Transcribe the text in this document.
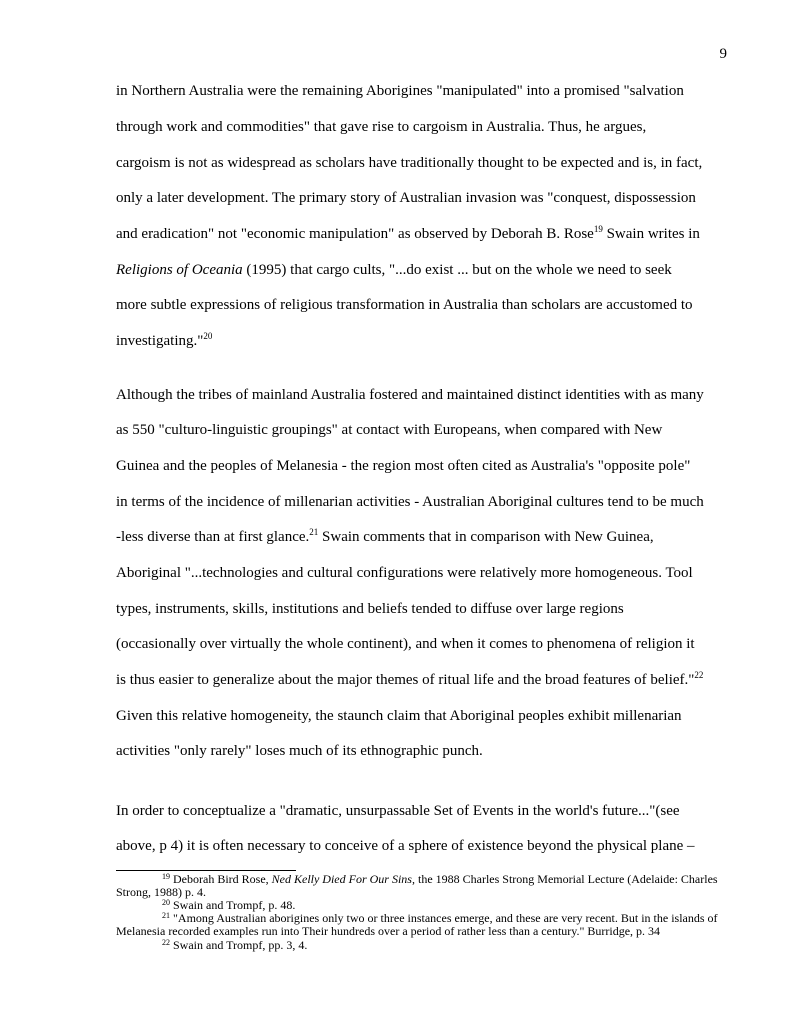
9
in Northern Australia were the remaining Aborigines "manipulated" into a promised "salvation
through work and commodities" that gave rise to cargoism in Australia. Thus, he argues,
cargoism is not as widespread as scholars have traditionally thought to be expected and is, in fact,
only a later development. The primary story of Australian invasion was "conquest, dispossession
and eradication" not "economic manipulation" as observed by Deborah B. Rose$^{19}$ Swain writes in
Religions of Oceania (1995) that cargo cults, "...do exist ... but on the whole we need to seek
more subtle expressions of religious transformation in Australia than scholars are accustomed to
investigating."$^{20}$
Although the tribes of mainland Australia fostered and maintained distinct identities with as many
as 550 "culturo-linguistic groupings" at contact with Europeans, when compared with New
Guinea and the peoples of Melanesia - the region most often cited as Australia's "opposite pole"
in terms of the incidence of millenarian activities - Australian Aboriginal cultures tend to be much
-less diverse than at first glance.$^{21}$ Swain comments that in comparison with New Guinea,
Aboriginal "...technologies and cultural configurations were relatively more homogeneous. Tool
types, instruments, skills, institutions and beliefs tended to diffuse over large regions
(occasionally over virtually the whole continent), and when it comes to phenomena of religion it
is thus easier to generalize about the major themes of ritual life and the broad features of belief."$^{22}$
Given this relative homogeneity, the staunch claim that Aboriginal peoples exhibit millenarian
activities "only rarely" loses much of its ethnographic punch.
In order to conceptualize a "dramatic, unsurpassable Set of Events in the world's future..."(see
above, p 4) it is often necessary to conceive of a sphere of existence beyond the physical plane –
$^{19}$ Deborah Bird Rose, Ned Kelly Died For Our Sins, the 1988 Charles Strong Memorial Lecture (Adelaide: Charles
Strong, 1988) p. 4.
$^{20}$ Swain and Trompf, p. 48.
$^{21}$ "Among Australian aborigines only two or three instances emerge, and these are very recent. But in the islands of
Melanesia recorded examples run into Their hundreds over a period of rather less than a century." Burridge, p. 34
$^{22}$ Swain and Trompf, pp. 3, 4.
